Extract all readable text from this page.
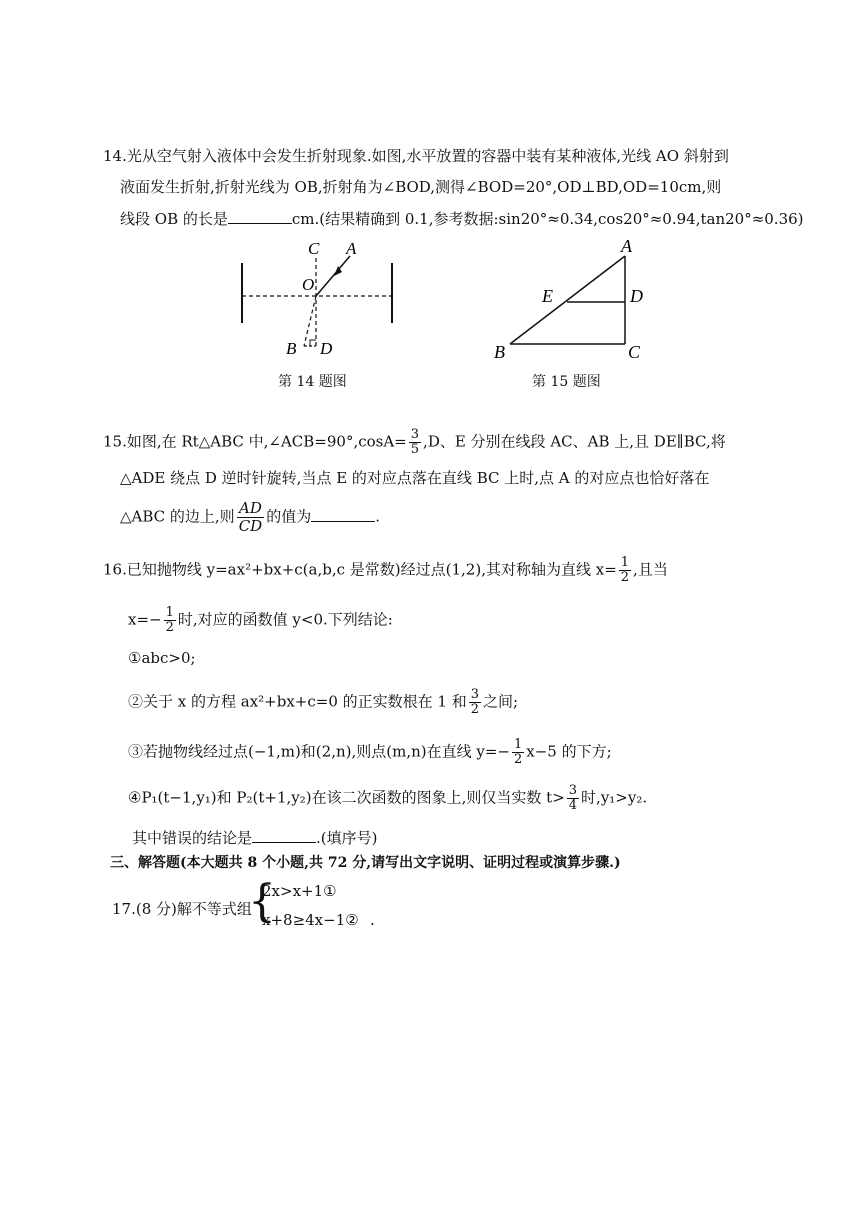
14.光从空气射入液体中会发生折射现象.如图,水平放置的容器中装有某种液体,光线 AO 斜射到
液面发生折射,折射光线为 OB,折射角为∠BOD,测得∠BOD=20°,OD⊥BD,OD=10cm,则
线段 OB 的长是	cm.(结果精确到 0.1,参考数据:sin20°≈0.34,cos20°≈0.94,tan20°≈0.36)
C A
O
B D
第 14 题图
A
E	D
B	C
第 15 题图
15.如图,在 Rt△ABC 中,∠ACB=90°,cosA= $\frac{3}{5} ,D$、E 分别在线段 AC、AB 上,且 DE∥BC,将
△ADE 绕点 D 逆时针旋转,当点 E 的对应点落在直线 BC 上时,点 A 的对应点也恰好落在
△ABC 的边上,则 $\frac{AD}{CD}$ 的值为	.
16.已知抛物线 y=ax²+bx+c(a,b,c 是常数)经过点(1,2),其对称轴为直线 $x= \frac{1}{2}$ ,且当
$x=- \frac{1}{2}$ 时,对应的函数值 y<0.下列结论:
①abc>0;
②关于 x 的方程 ax²+bx+c=0 的正实数根在 1 和 $\frac{3}{2}$ 之间;
③若抛物线经过点(−1,m)和(2,n),则点(m,n)在直线 $y=- \frac{1}{2} x-5$ 的下方;
④P₁(t−1,y₁)和 P₂(t+1,y₂)在该二次函数的图象上,则仅当实数 $t> \frac{3}{4}$ 时,y₁>y₂.
其中错误的结论是	.(填序号)
三、解答题(本大题共 8 个小题,共 72 分,请写出文字说明、证明过程或演算步骤.)
17.(8 分)解不等式组
{
2x>x+1①
x+8≥4x−1② .
